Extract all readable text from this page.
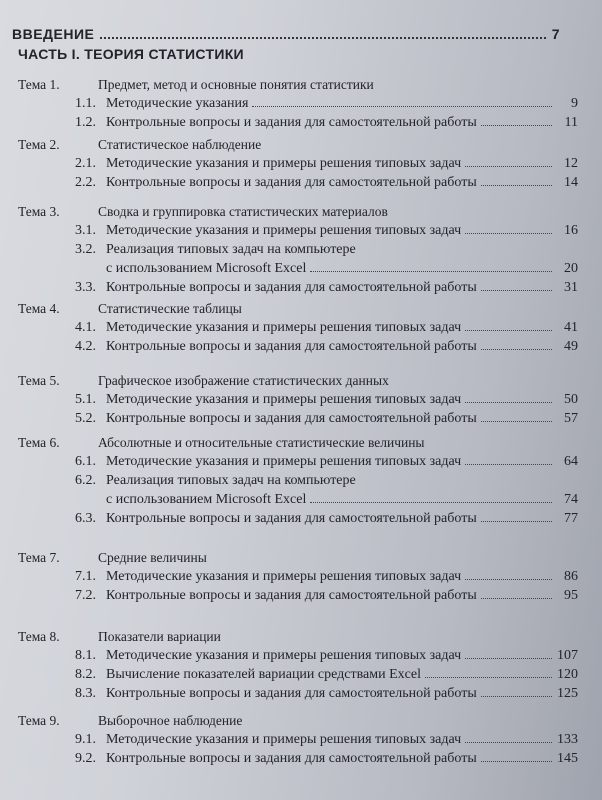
ВВЕДЕНИЕ	7
ЧАСТЬ I. ТЕОРИЯ СТАТИСТИКИ
Тема 1.	Предмет, метод и основные понятия статистики
1.1. Методические указания	9
1.2. Контрольные вопросы и задания для самостоятельной работы	11
Тема 2.	Статистическое наблюдение
2.1. Методические указания и примеры решения типовых задач	12
2.2. Контрольные вопросы и задания для самостоятельной работы	14
Тема 3.	Сводка и группировка статистических материалов
3.1. Методические указания и примеры решения типовых задач	16
3.2. Реализация типовых задач на компьютере
с использованием Microsoft Excel	20
3.3. Контрольные вопросы и задания для самостоятельной работы	31
Тема 4.	Статистические таблицы
4.1. Методические указания и примеры решения типовых задач	41
4.2. Контрольные вопросы и задания для самостоятельной работы	49
Тема 5.	Графическое изображение статистических данных
5.1. Методические указания и примеры решения типовых задач	50
5.2. Контрольные вопросы и задания для самостоятельной работы	57
Тема 6.	Абсолютные и относительные статистические величины
6.1. Методические указания и примеры решения типовых задач	64
6.2. Реализация типовых задач на компьютере
с использованием Microsoft Excel	74
6.3. Контрольные вопросы и задания для самостоятельной работы	77
Тема 7.	Средние величины
7.1. Методические указания и примеры решения типовых задач	86
7.2. Контрольные вопросы и задания для самостоятельной работы	95
Тема 8.	Показатели вариации
8.1. Методические указания и примеры решения типовых задач	107
8.2. Вычисление показателей вариации средствами Excel	120
8.3. Контрольные вопросы и задания для самостоятельной работы	125
Тема 9.	Выборочное наблюдение
9.1. Методические указания и примеры решения типовых задач	133
9.2. Контрольные вопросы и задания для самостоятельной работы	145
